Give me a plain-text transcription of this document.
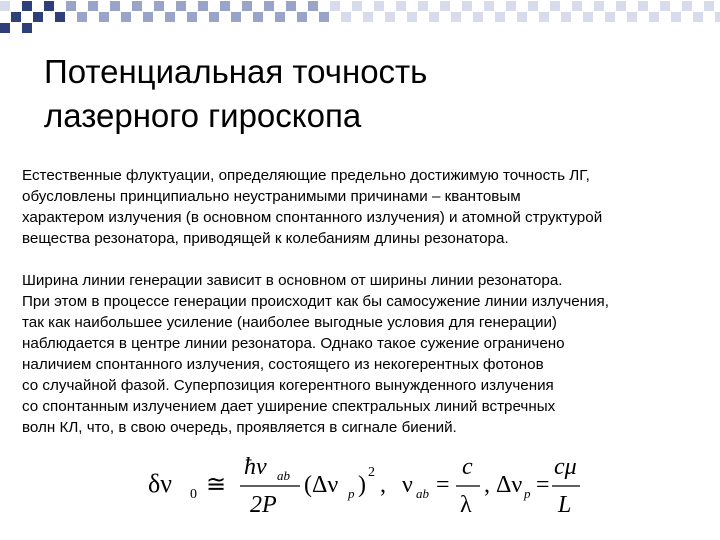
Потенциальная точность
лазерного гироскопа
Естественные флуктуации, определяющие предельно достижимую точность ЛГ,
обусловлены принципиально неустранимыми причинами – квантовым
характером излучения (в основном спонтанного излучения) и атомной структурой
вещества резонатора, приводящей к колебаниям длины резонатора.
Ширина линии генерации зависит в основном от ширины линии резонатора.
При этом в процессе генерации происходит как бы самосужение линии излучения,
так как наибольшее усиление (наиболее выгодные условия для генерации)
наблюдается в центре линии резонатора. Однако такое сужение ограничено
наличием спонтанного излучения, состоящего из некогерентных фотонов
со случайной фазой. Суперпозиция когерентного вынужденного излучения
со спонтанным излучением дает уширение спектральных линий встречных
волн КЛ, что, в свою очередь, проявляется в сигнале биений.
δν 0 ≅
ħν ab
2P
(Δν p ) 2 , ν ab =
c
λ
, Δν p =
cμ
L
